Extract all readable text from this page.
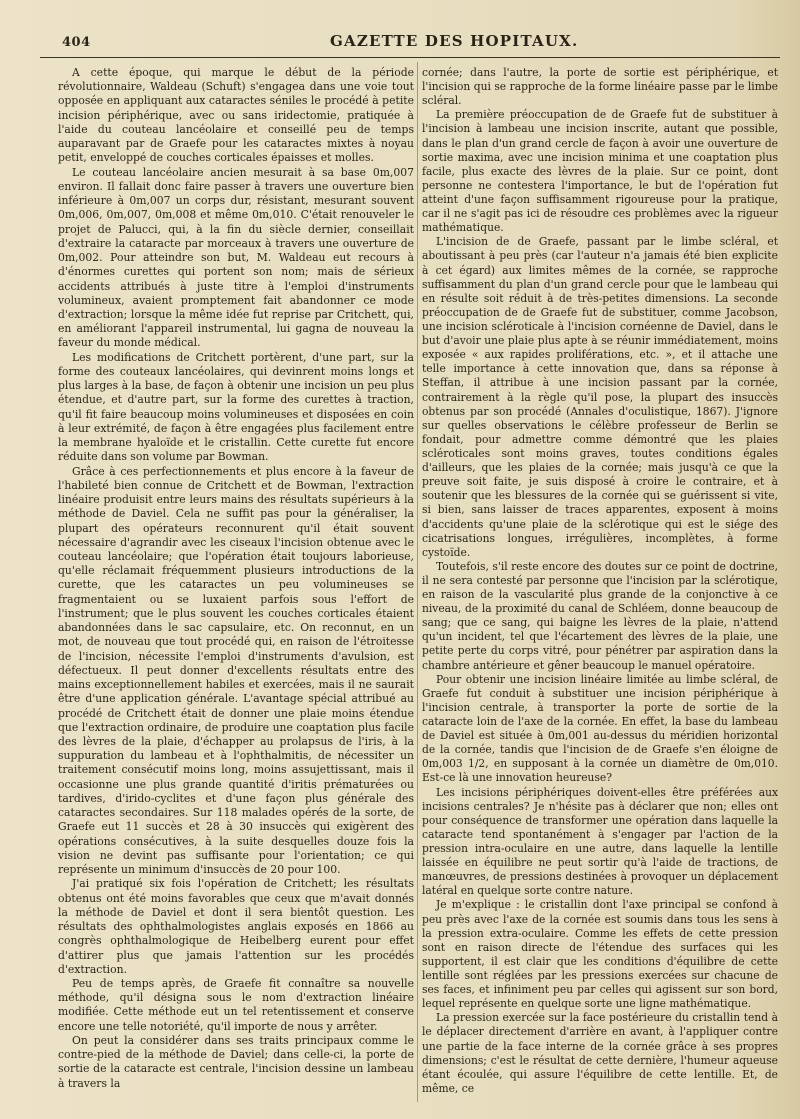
404	GAZETTE DES HOPITAUX.

A cette époque, qui marque le début de la période révolutionnaire, Waldeau (Schuft) s'engagea dans une voie tout opposée en appliquant aux cataractes séniles le procédé à petite incision périphérique, avec ou sans iridectomie, pratiquée à l'aide du couteau lancéolaire et conseillé peu de temps auparavant par de Graefe pour les cataractes mixtes à noyau petit, enveloppé de couches corticales épaisses et molles.

Le couteau lancéolaire ancien mesurait à sa base 0m,007 environ. Il fallait donc faire passer à travers une ouverture bien inférieure à 0m,007 un corps dur, résistant, mesurant souvent 0m,006, 0m,007, 0m,008 et même 0m,010. C'était renouveler le projet de Palucci, qui, à la fin du siècle dernier, conseillait d'extraire la cataracte par morceaux à travers une ouverture de 0m,002. Pour atteindre son but, M. Waldeau eut recours à d'énormes curettes qui portent son nom; mais de sérieux accidents attribués à juste titre à l'emploi d'instruments volumineux, avaient promptement fait abandonner ce mode d'extraction; lorsque la même idée fut reprise par Critchett, qui, en améliorant l'appareil instrumental, lui gagna de nouveau la faveur du monde médical.

Les modifications de Critchett portèrent, d'une part, sur la forme des couteaux lancéolaires, qui devinrent moins longs et plus larges à la base, de façon à obtenir une incision un peu plus étendue, et d'autre part, sur la forme des curettes à traction, qu'il fit faire beaucoup moins volumineuses et disposées en coin à leur extrémité, de façon à être engagées plus facilement entre la membrane hyaloïde et le cristallin. Cette curette fut encore réduite dans son volume par Bowman.

Grâce à ces perfectionnements et plus encore à la faveur de l'habileté bien connue de Critchett et de Bowman, l'extraction linéaire produisit entre leurs mains des résultats supérieurs à la méthode de Daviel. Cela ne suffit pas pour la généraliser, la plupart des opérateurs reconnurent qu'il était souvent nécessaire d'agrandir avec les ciseaux l'incision obtenue avec le couteau lancéolaire; que l'opération était toujours laborieuse, qu'elle réclamait fréquemment plusieurs introductions de la curette, que les cataractes un peu volumineuses se fragmentaient ou se luxaient parfois sous l'effort de l'instrument; que le plus souvent les couches corticales étaient abandonnées dans le sac capsulaire, etc. On reconnut, en un mot, de nouveau que tout procédé qui, en raison de l'étroitesse de l'incision, nécessite l'emploi d'instruments d'avulsion, est défectueux. Il peut donner d'excellents résultats entre des mains exceptionnellement habiles et exercées, mais il ne saurait être d'une application générale. L'avantage spécial attribué au procédé de Critchett était de donner une plaie moins étendue que l'extraction ordinaire, de produire une coaptation plus facile des lèvres de la plaie, d'échapper au prolapsus de l'iris, à la suppuration du lambeau et à l'ophthalmitis, de nécessiter un traitement consécutif moins long, moins assujettissant, mais il occasionne une plus grande quantité d'iritis prématurées ou tardives, d'irido-cyclites et d'une façon plus générale des cataractes secondaires. Sur 118 malades opérés de la sorte, de Graefe eut 11 succès et 28 à 30 insuccès qui exigèrent des opérations consécutives, à la suite desquelles douze fois la vision ne devint pas suffisante pour l'orientation; ce qui représente un minimum d'insuccès de 20 pour 100.

J'ai pratiqué six fois l'opération de Critchett; les résultats obtenus ont été moins favorables que ceux que m'avait donnés la méthode de Daviel et dont il sera bientôt question. Les résultats des ophthalmologistes anglais exposés en 1866 au congrès ophthalmologique de Heibelberg eurent pour effet d'attirer plus que jamais l'attention sur les procédés d'extraction.

Peu de temps après, de Graefe fit connaître sa nouvelle méthode, qu'il désigna sous le nom d'extraction linéaire modifiée. Cette méthode eut un tel retentissement et conserve encore une telle notoriété, qu'il importe de nous y arrêter.

On peut la considérer dans ses traits principaux comme le contre-pied de la méthode de Daviel; dans celle-ci, la porte de sortie de la cataracte est centrale, l'incision dessine un lambeau à travers la

cornée; dans l'autre, la porte de sortie est périphérique, et l'incision qui se rapproche de la forme linéaire passe par le limbe scléral.

La première préoccupation de de Graefe fut de substituer à l'incision à lambeau une incision inscrite, autant que possible, dans le plan d'un grand cercle de façon à avoir une ouverture de sortie maxima, avec une incision minima et une coaptation plus facile, plus exacte des lèvres de la plaie. Sur ce point, dont personne ne contestera l'importance, le but de l'opération fut atteint d'une façon suffisamment rigoureuse pour la pratique, car il ne s'agit pas ici de résoudre ces problèmes avec la rigueur mathématique.

L'incision de de Graefe, passant par le limbe scléral, et aboutissant à peu près (car l'auteur n'a jamais été bien explicite à cet égard) aux limites mêmes de la cornée, se rapproche suffisamment du plan d'un grand cercle pour que le lambeau qui en résulte soit réduit à de très-petites dimensions. La seconde préoccupation de de Graefe fut de substituer, comme Jacobson, une incision scléroticale à l'incision cornéenne de Daviel, dans le but d'avoir une plaie plus apte à se réunir immédiatement, moins exposée « aux rapides proliférations, etc. », et il attache une telle importance à cette innovation que, dans sa réponse à Steffan, il attribue à une incision passant par la cornée, contrairement à la règle qu'il pose, la plupart des insuccès obtenus par son procédé (Annales d'oculistique, 1867). J'ignore sur quelles observations le célèbre professeur de Berlin se fondait, pour admettre comme démontré que les plaies scléroticales sont moins graves, toutes conditions égales d'ailleurs, que les plaies de la cornée; mais jusqu'à ce que la preuve soit faite, je suis disposé à croire le contraire, et à soutenir que les blessures de la cornée qui se guérissent si vite, si bien, sans laisser de traces apparentes, exposent à moins d'accidents qu'une plaie de la sclérotique qui est le siége des cicatrisations longues, irrégulières, incomplètes, à forme cystoïde.

Toutefois, s'il reste encore des doutes sur ce point de doctrine, il ne sera contesté par personne que l'incision par la sclérotique, en raison de la vascularité plus grande de la conjonctive à ce niveau, de la proximité du canal de Schléem, donne beaucoup de sang; que ce sang, qui baigne les lèvres de la plaie, n'attend qu'un incident, tel que l'écartement des lèvres de la plaie, une petite perte du corps vitré, pour pénétrer par aspiration dans la chambre antérieure et gêner beaucoup le manuel opératoire.

Pour obtenir une incision linéaire limitée au limbe scléral, de Graefe fut conduit à substituer une incision périphérique à l'incision centrale, à transporter la porte de sortie de la cataracte loin de l'axe de la cornée. En effet, la base du lambeau de Daviel est située à 0m,001 au-dessus du méridien horizontal de la cornée, tandis que l'incision de de Graefe s'en éloigne de 0m,003 1/2, en supposant à la cornée un diamètre de 0m,010. Est-ce là une innovation heureuse?

Les incisions périphériques doivent-elles être préférées aux incisions centrales? Je n'hésite pas à déclarer que non; elles ont pour conséquence de transformer une opération dans laquelle la cataracte tend spontanément à s'engager par l'action de la pression intra-oculaire en une autre, dans laquelle la lentille laissée en équilibre ne peut sortir qu'à l'aide de tractions, de manœuvres, de pressions destinées à provoquer un déplacement latéral en quelque sorte contre nature.

Je m'explique : le cristallin dont l'axe principal se confond à peu près avec l'axe de la cornée est soumis dans tous les sens à la pression extra-oculaire. Comme les effets de cette pression sont en raison directe de l'étendue des surfaces qui les supportent, il est clair que les conditions d'équilibre de cette lentille sont réglées par les pressions exercées sur chacune de ses faces, et infiniment peu par celles qui agissent sur son bord, lequel représente en quelque sorte une ligne mathématique.

La pression exercée sur la face postérieure du cristallin tend à le déplacer directement d'arrière en avant, à l'appliquer contre une partie de la face interne de la cornée grâce à ses propres dimensions; c'est le résultat de cette dernière, l'humeur aqueuse étant écoulée, qui assure l'équilibre de cette lentille. Et, de même, ce
